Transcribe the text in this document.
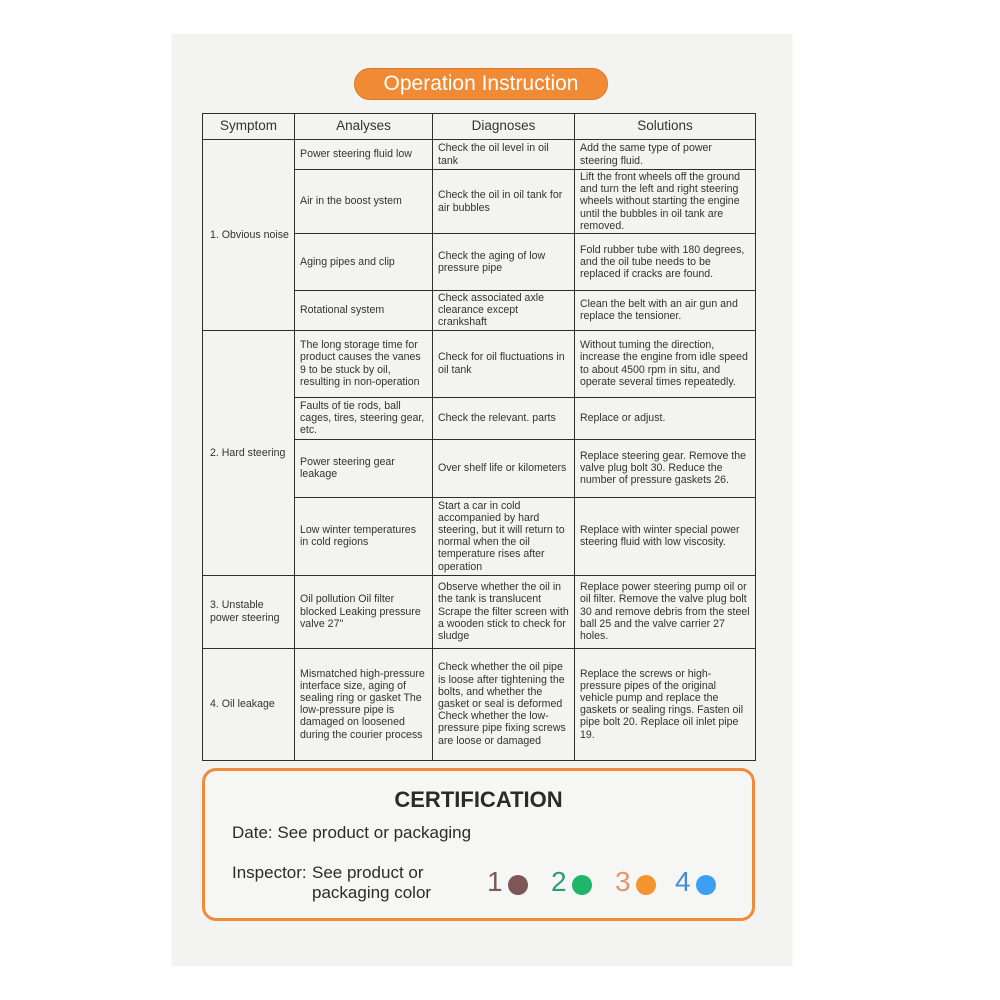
Operation Instruction
Symptom	Analyses	Diagnoses	Solutions
1. Obvious noise	Power steering fluid low	Check the oil level in oil tank	Add the same type of power steering fluid.
	Air in the boost ystem	Check the oil in oil tank for air bubbles	Lift the front wheels off the ground and turn the left and right steering wheels without starting the engine until the bubbles in oil tank are removed.
	Aging pipes and clip	Check the aging of low pressure pipe	Fold rubber tube with 180 degrees, and the oil tube needs to be replaced if cracks are found.
	Rotational system	Check associated axle clearance except crankshaft	Clean the belt with an air gun and replace the tensioner.
2. Hard steering	The long storage time for product causes the vanes 9 to be stuck by oil, resulting in non-operation	Check for oil fluctuations in oil tank	Without tuming the direction, increase the engine from idle speed to about 4500 rpm in situ, and operate several times repeatedly.
	Faults of tie rods, ball cages, tires, steering gear, etc.	Check the relevant. parts	Replace or adjust.
	Power steering gear leakage	Over shelf life or kilometers	Replace steering gear. Remove the valve plug bolt 30. Reduce the number of pressure gaskets 26.
	Low winter temperatures in cold regions	Start a car in cold accompanied by hard steering, but it will return to normal when the oil temperature rises after operation	Replace with winter special power steering fluid with low viscosity.
3. Unstable power steering	Oil pollution Oil filter blocked Leaking pressure valve 27"	Observe whether the oil in the tank is translucent Scrape the filter screen with a wooden stick to check for sludge	Replace power steering pump oil or oil filter. Remove the valve plug bolt 30 and remove debris from the steel ball 25 and the valve carrier 27 holes.
4. Oil leakage	Mismatched high-pressure interface size, aging of sealing ring or gasket The low-pressure pipe is damaged on loosened during the courier process	Check whether the oil pipe is loose after tightening the bolts, and whether the gasket or seal is deformed Check whether the low-pressure pipe fixing screws are loose or damaged	Replace the screws or high-pressure pipes of the original vehicle pump and replace the gaskets or sealing rings. Fasten oil pipe bolt 20. Replace oil inlet pipe 19.
CERTIFICATION
Date: See product or packaging
Inspector: See product or packaging color	1 2 3 4
